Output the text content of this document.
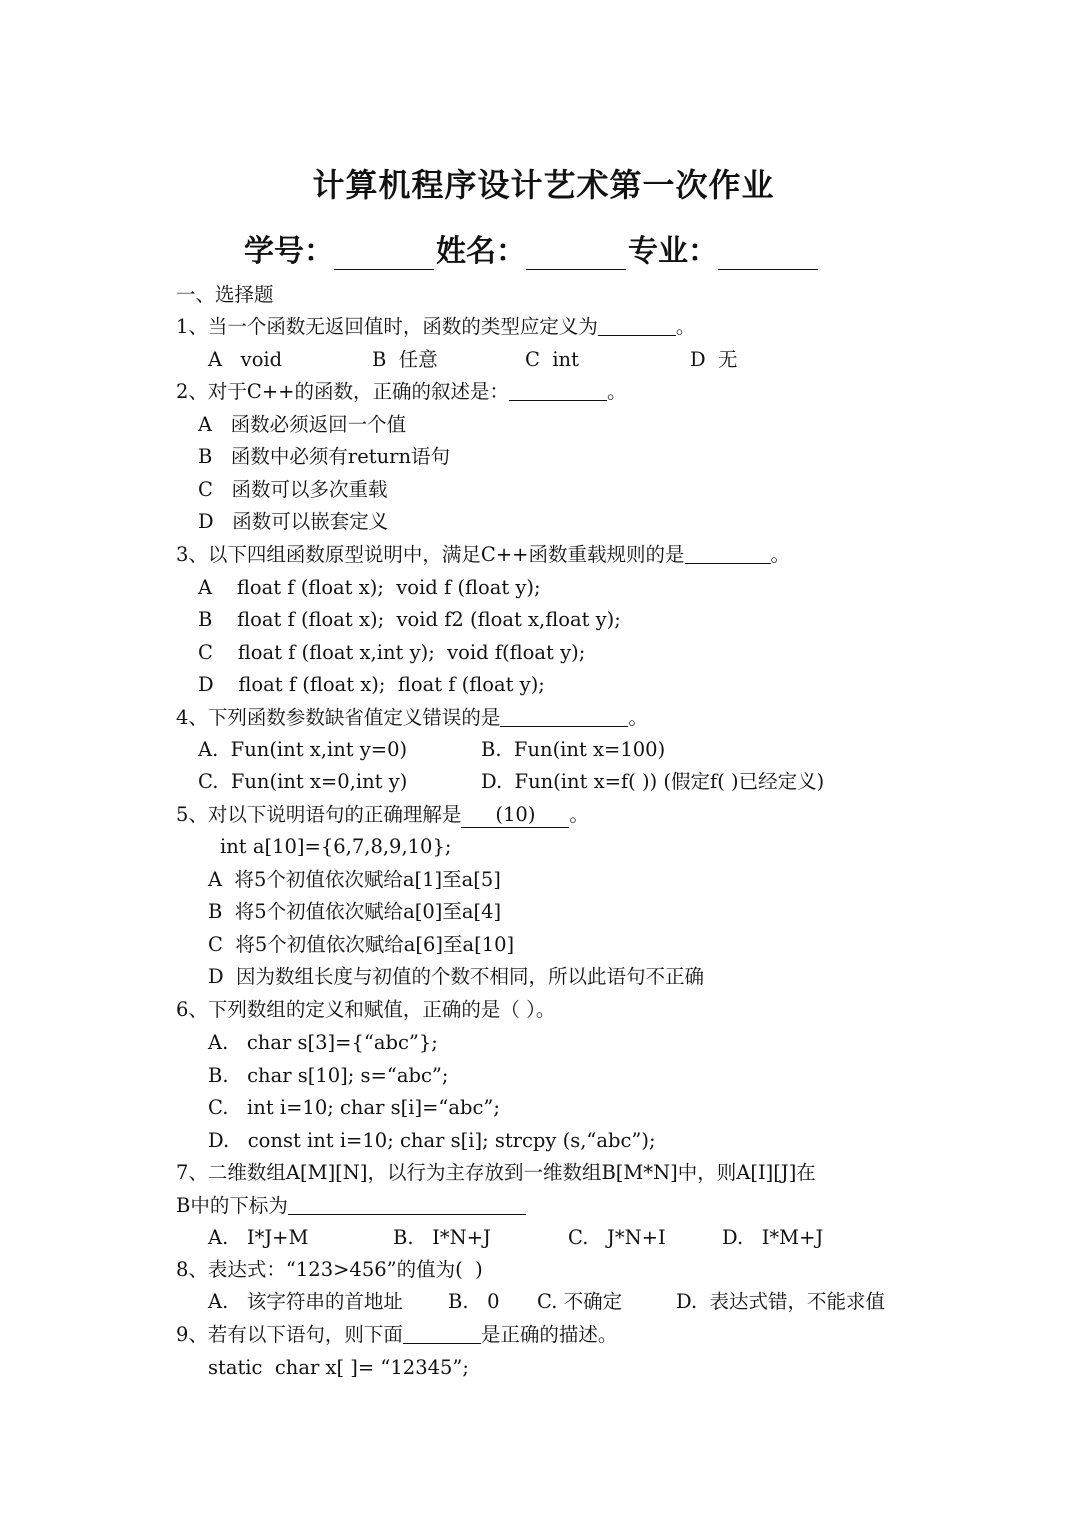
计算机程序设计艺术第一次作业
学号：	姓名：	专业：
一、选择题
1、当一个函数无返回值时，函数的类型应定义为	。
A   void	B  任意	C  int	D  无
2、对于C++的函数，正确的叙述是：	。
A   函数必须返回一个值
B   函数中必须有return语句
C   函数可以多次重载
D   函数可以嵌套定义
3、以下四组函数原型说明中，满足C++函数重载规则的是	。
A    float f (float x);  void f (float y);
B    float f (float x);  void f2 (float x,float y);
C    float f (float x,int y);  void f(float y);
D    float f (float x);  float f (float y);
4、下列函数参数缺省值定义错误的是	。
A.  Fun(int x,int y=0)	B.  Fun(int x=100)
C.  Fun(int x=0,int y)	D.  Fun(int x=f( )) (假定f( )已经定义)
5、对以下说明语句的正确理解是 (10) 。
int a[10]={6,7,8,9,10};
A  将5个初值依次赋给a[1]至a[5]
B  将5个初值依次赋给a[0]至a[4]
C  将5个初值依次赋给a[6]至a[10]
D  因为数组长度与初值的个数不相同，所以此语句不正确
6、下列数组的定义和赋值，正确的是（ ）。
A.   char s[3]={“abc”};
B.   char s[10]; s=“abc”;
C.   int i=10; char s[i]=“abc”;
D.   const int i=10; char s[i]; strcpy (s,“abc”);
7、二维数组A[M][N]，以行为主存放到一维数组B[M*N]中，则A[I][J]在
B中的下标为
A.   I*J+M	B.   I*N+J	C.   J*N+I	D.   I*M+J
8、表达式：“123>456”的值为(  )
A.   该字符串的首地址 B.   0 C. 不确定	D.  表达式错，不能求值
9、若有以下语句，则下面	是正确的描述。
static  char x[ ]= “12345”;
